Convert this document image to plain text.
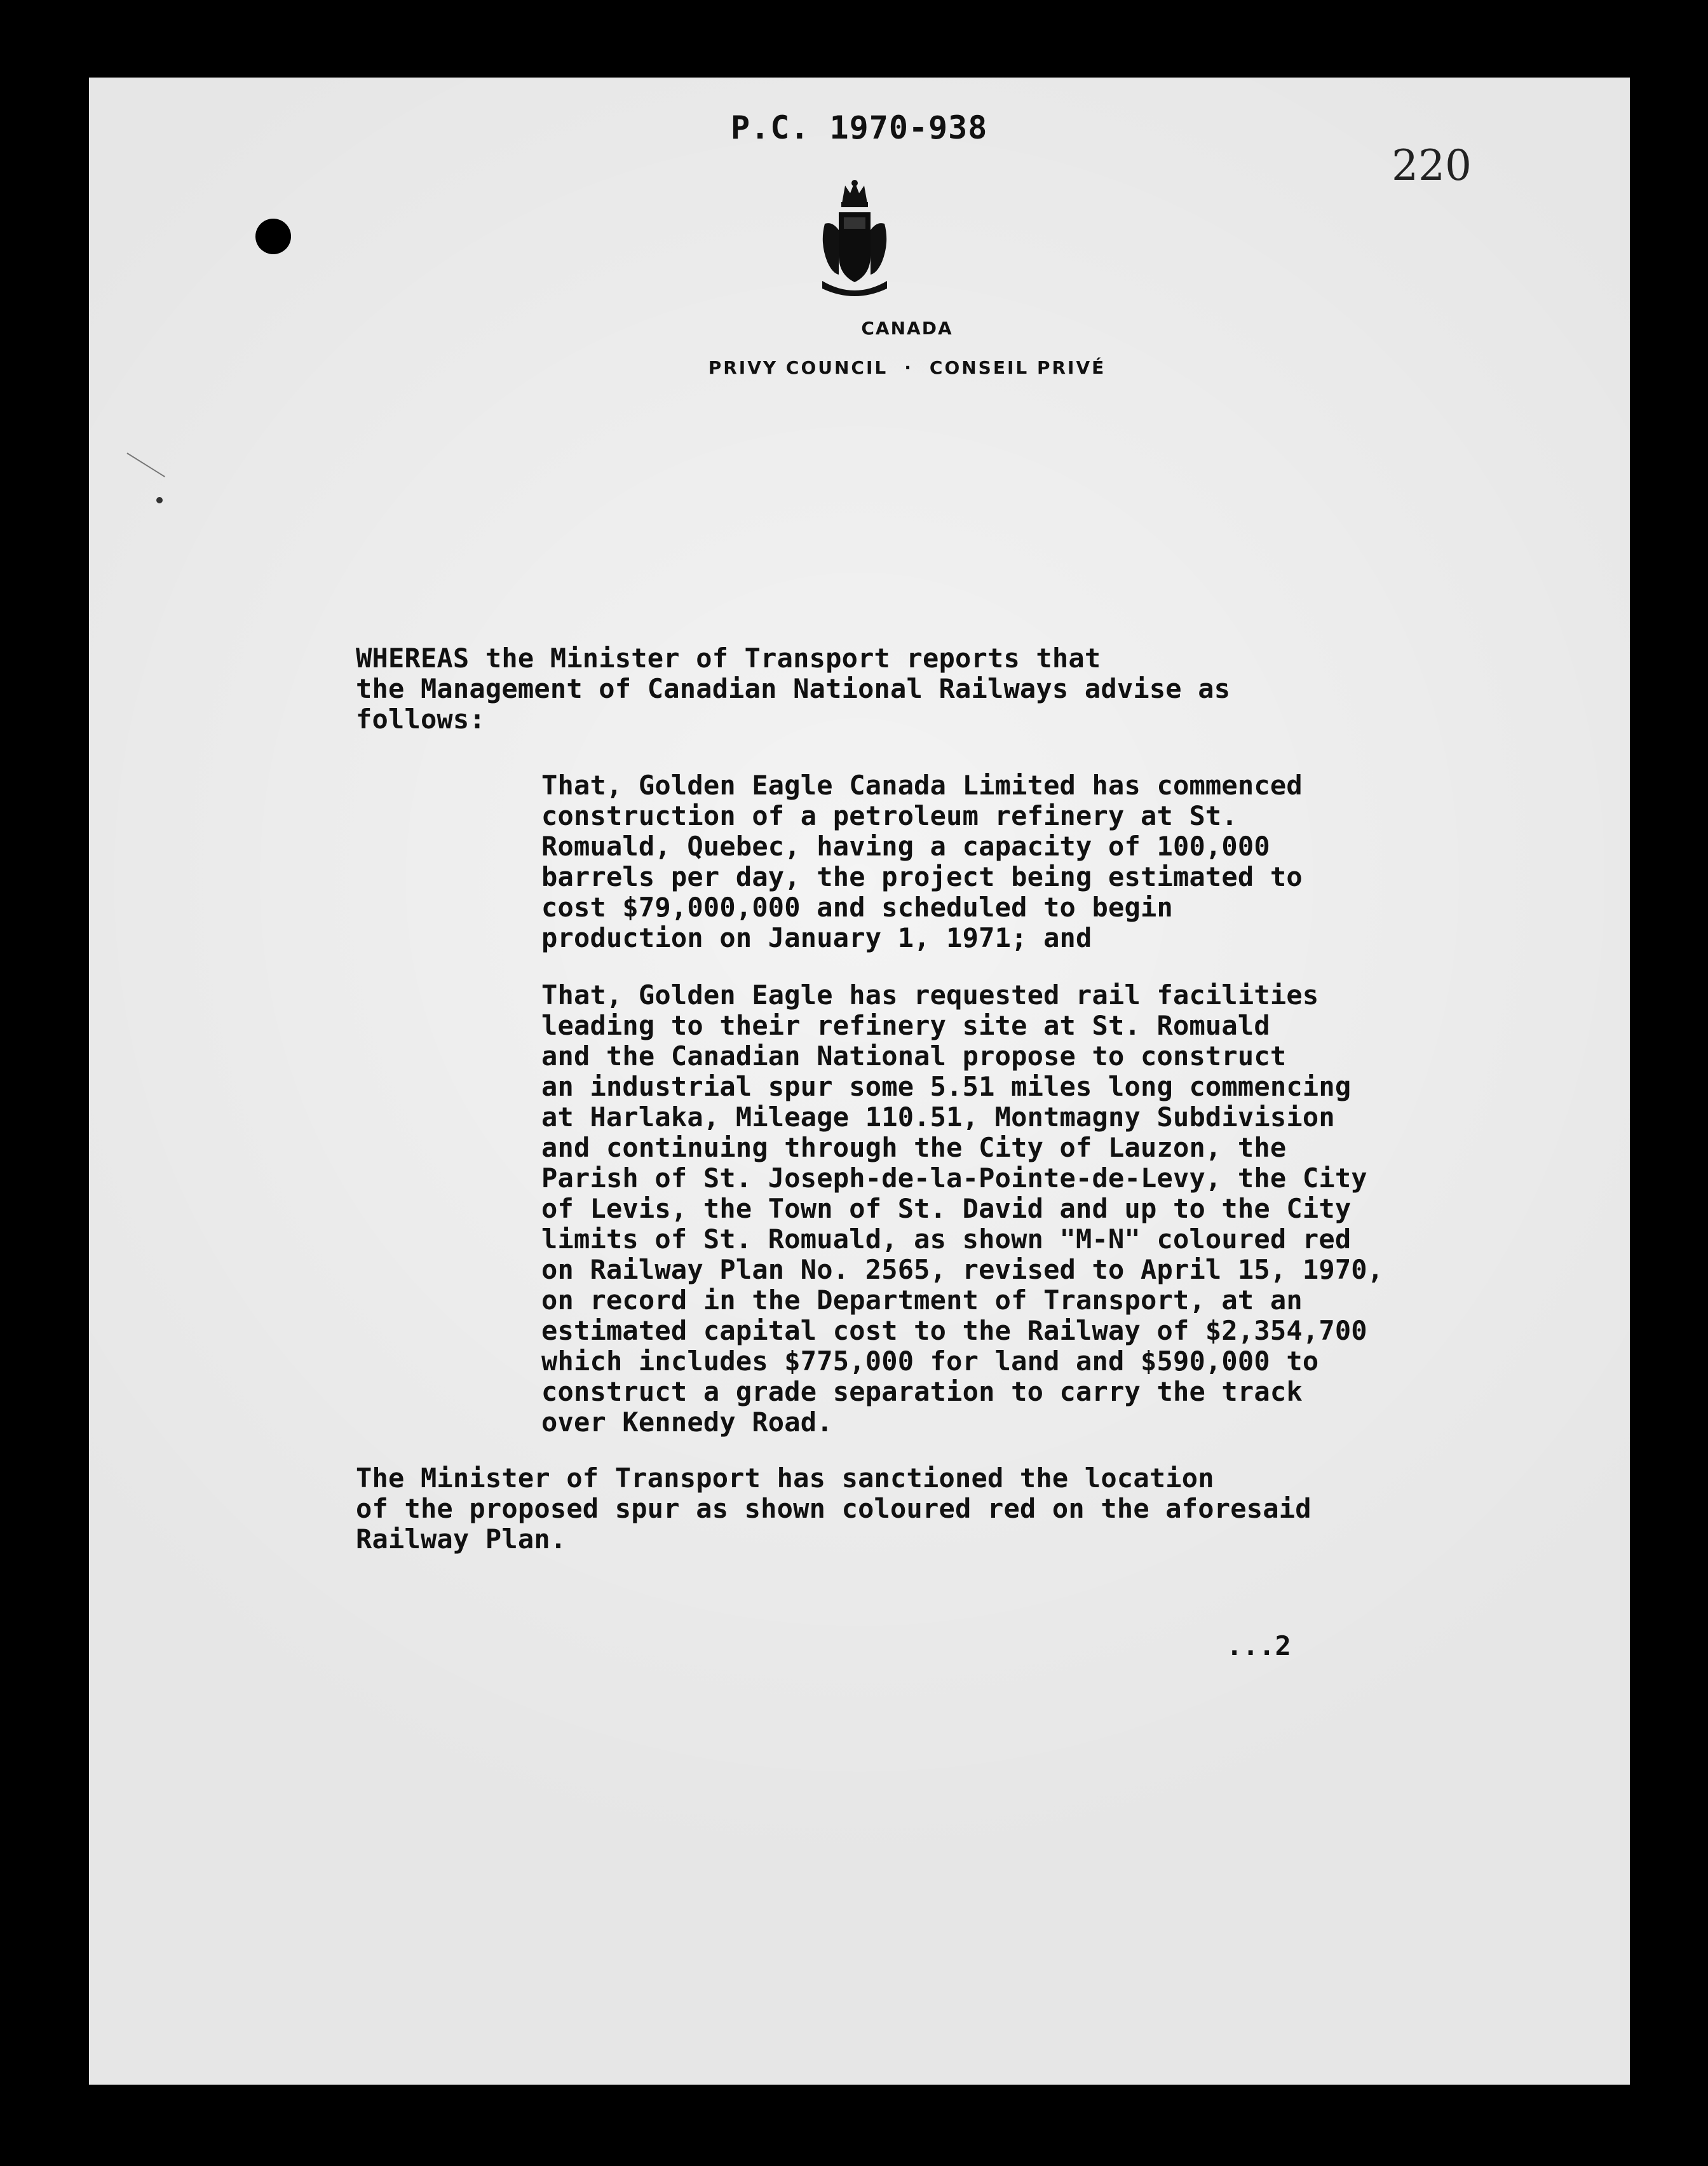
P.C. 1970-938
220
CANADA
PRIVY COUNCIL · CONSEIL PRIVÉ
WHEREAS the Minister of Transport reports that
the Management of Canadian National Railways advise as
follows:
That, Golden Eagle Canada Limited has commenced
construction of a petroleum refinery at St.
Romuald, Quebec, having a capacity of 100,000
barrels per day, the project being estimated to
cost $79,000,000 and scheduled to begin
production on January 1, 1971; and
That, Golden Eagle has requested rail facilities
leading to their refinery site at St. Romuald
and the Canadian National propose to construct
an industrial spur some 5.51 miles long commencing
at Harlaka, Mileage 110.51, Montmagny Subdivision
and continuing through the City of Lauzon, the
Parish of St. Joseph-de-la-Pointe-de-Levy, the City
of Levis, the Town of St. David and up to the City
limits of St. Romuald, as shown "M-N" coloured red
on Railway Plan No. 2565, revised to April 15, 1970,
on record in the Department of Transport, at an
estimated capital cost to the Railway of $2,354,700
which includes $775,000 for land and $590,000 to
construct a grade separation to carry the track
over Kennedy Road.
The Minister of Transport has sanctioned the location
of the proposed spur as shown coloured red on the aforesaid
Railway Plan.
...2
